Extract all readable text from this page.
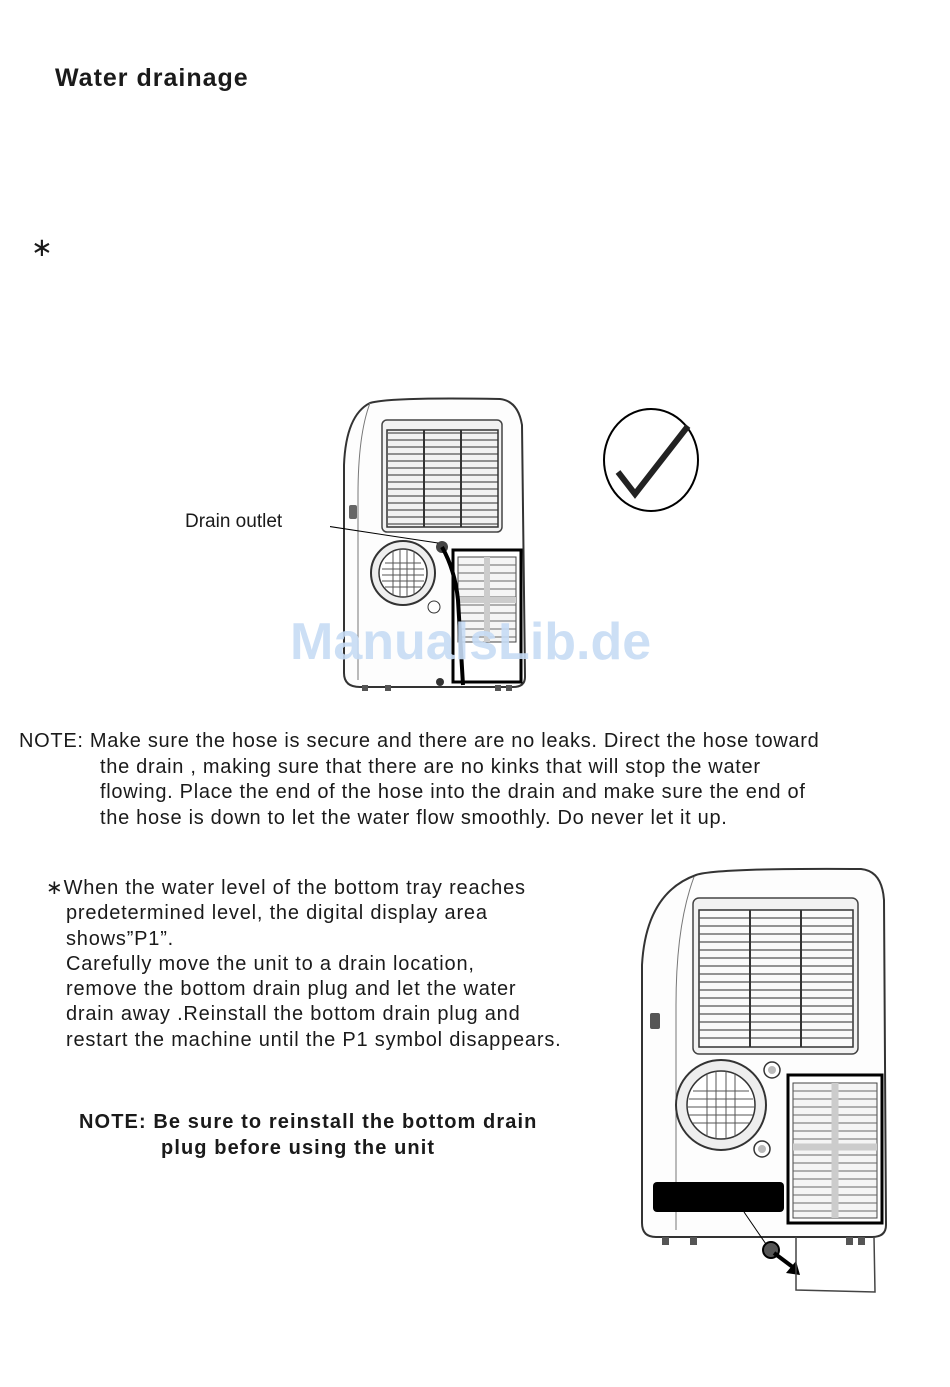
Water drainage
∗
Drain outlet
ManualsLib.de
NOTE: Make sure the hose is secure and there are no leaks. Direct the hose toward
the drain , making sure that there are no kinks that will stop the water
flowing. Place the end of the hose into the drain and make sure the end of
the hose is down to let the water flow smoothly. Do never let it up.
∗When the water level of the bottom tray reaches
predetermined level, the digital display area
shows”P1”.
Carefully move the unit to a drain location,
remove the bottom drain plug and let the water
drain away .Reinstall the bottom drain plug and
restart the machine until the P1 symbol disappears.
NOTE: Be sure to reinstall the bottom drain
plug before using the unit
